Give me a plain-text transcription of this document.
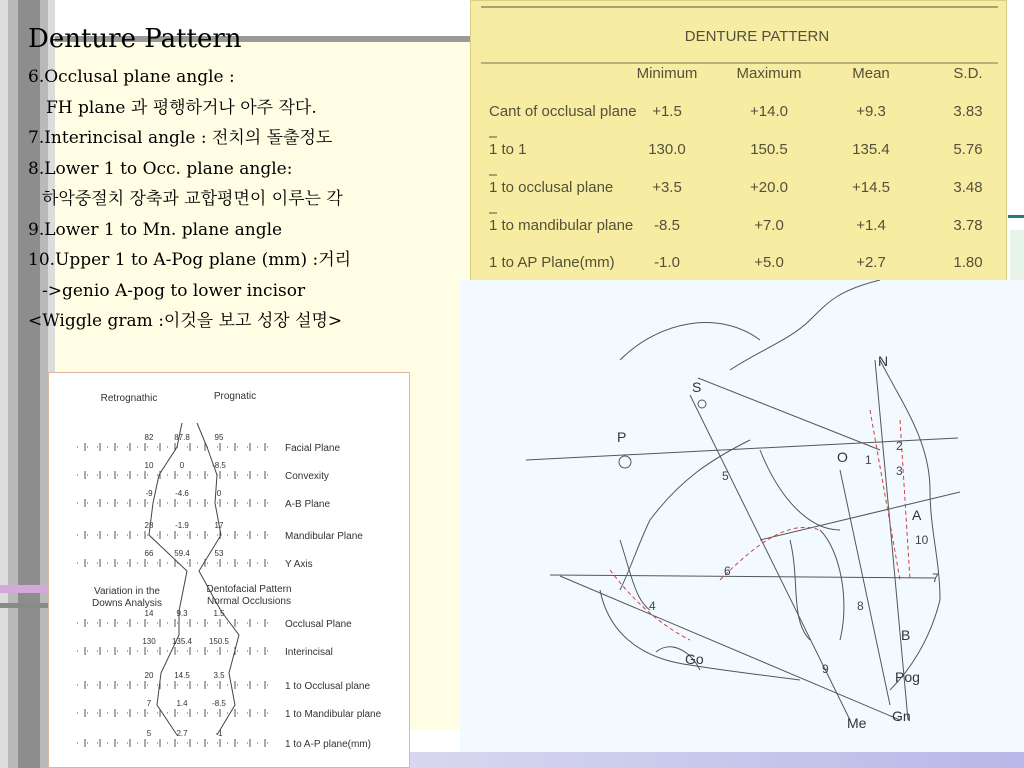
Denture Pattern

6.Occlusal plane angle :

FH plane 과 평행하거나 아주 작다.

7.Interincisal angle : 전치의 돌출정도

8.Lower 1 to Occ. plane angle:

하악중절치 장축과 교합평면이 이루는 각

9.Lower 1 to Mn. plane angle

10.Upper 1 to A-Pog plane (mm) :거리

->genio A-pog to lower incisor

<Wiggle gram :이것을 보고 성장 설명>

DENTURE PATTERN
Minimum	Maximum	Mean	S.D.
Cant of occlusal plane +1.5	+14.0	+9.3	3.83
1 to 1	130.0	150.5	135.4	5.76
1 to occlusal plane	+3.5	+20.0	+14.5	3.48
1 to mandibular plane -8.5	+7.0	+1.4	3.78
1 to AP Plane(mm)	-1.0	+5.0	+2.7	1.80
Retrognathic	Prognatic
Variation in the
Downs Analysis
Dentofacial Pattern
Normal Occlusions
Facial Plane
82	87.8	95
Convexity
10	0	-8.5
A-B Plane
-9	-4.6	0
Mandibular Plane
28	-1.9	17
Y Axis
66	59.4	53
Occlusal Plane
14	9.3	1.5
Interincisal
130 135.4 150.5
1 to Occlusal plane
20	14.5	3.5
1 to Mandibular plane
7	1.4	-8.5
1 to A-P plane(mm)
5	2.7	-1
S
N
P
O
A
B
Go
Pog
Me Gn
1
2
3
4
5
6	7
8
9
10
